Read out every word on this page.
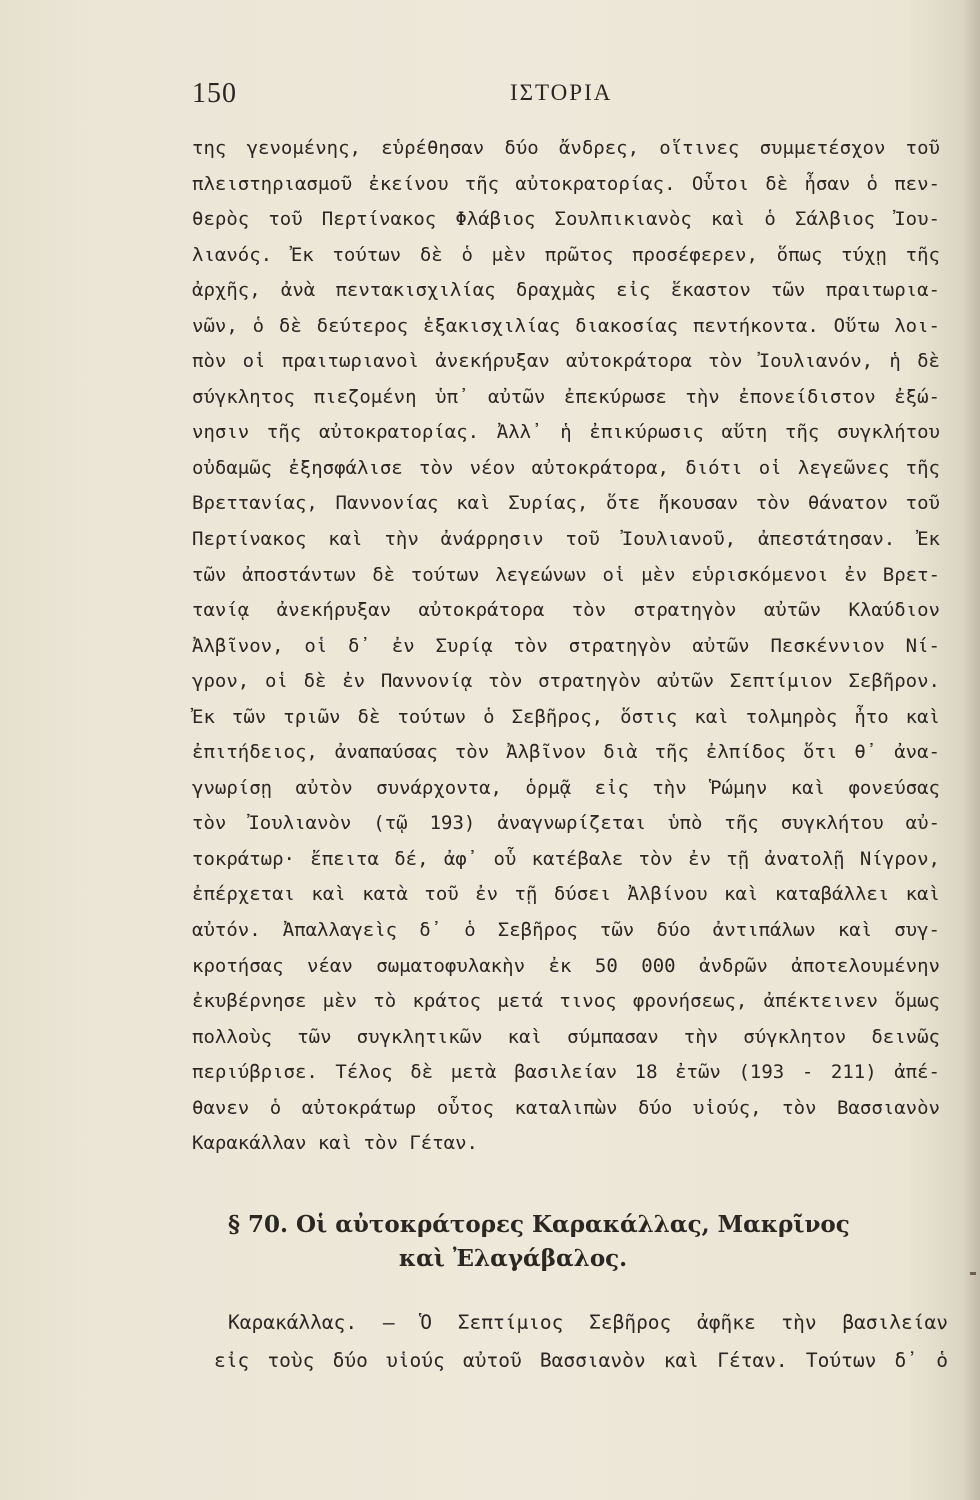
150	ΙΣΤΟΡΙΑ
της γενομένης, εὑρέθησαν δύο ἄνδρες, οἵτινες συμμετέσχον τοῦ
πλειστηριασμοῦ ἐκείνου τῆς αὐτοκρατορίας. Οὗτοι δὲ ἦσαν ὁ πεν-
θερὸς τοῦ Περτίνακος Φλάβιος Σουλπικιανὸς καὶ ὁ Σάλβιος Ἰου-
λιανός. Ἐκ τούτων δὲ ὁ μὲν πρῶτος προσέφερεν, ὅπως τύχῃ τῆς
ἀρχῆς, ἀνὰ πεντακισχιλίας δραχμὰς εἰς ἕκαστον τῶν πραιτωρια-
νῶν, ὁ δὲ δεύτερος ἑξακισχιλίας διακοσίας πεντήκοντα. Οὕτω λοι-
πὸν οἱ πραιτωριανοὶ ἀνεκήρυξαν αὐτοκράτορα τὸν Ἰουλιανόν, ἡ δὲ
σύγκλητος πιεζομένη ὑπ᾽ αὐτῶν ἐπεκύρωσε τὴν ἐπονείδιστον ἐξώ-
νησιν τῆς αὐτοκρατορίας. Ἀλλ᾽ ἡ ἐπικύρωσις αὕτη τῆς συγκλήτου
οὐδαμῶς ἐξησφάλισε τὸν νέον αὐτοκράτορα, διότι οἱ λεγεῶνες τῆς
Βρεττανίας, Παννονίας καὶ Συρίας, ὅτε ἤκουσαν τὸν θάνατον τοῦ
Περτίνακος καὶ τὴν ἀνάρρησιν τοῦ Ἰουλιανοῦ, ἀπεστάτησαν. Ἐκ
τῶν ἀποστάντων δὲ τούτων λεγεώνων οἱ μὲν εὑρισκόμενοι ἐν Βρετ-
τανίᾳ ἀνεκήρυξαν αὐτοκράτορα τὸν στρατηγὸν αὐτῶν Κλαύδιον
Ἀλβῖνον, οἱ δ᾽ ἐν Συρίᾳ τὸν στρατηγὸν αὐτῶν Πεσκέννιον Νί-
γρον, οἱ δὲ ἐν Παννονίᾳ τὸν στρατηγὸν αὐτῶν Σεπτίμιον Σεβῆρον.
Ἐκ τῶν τριῶν δὲ τούτων ὁ Σεβῆρος, ὅστις καὶ τολμηρὸς ἦτο καὶ
ἐπιτήδειος, ἀναπαύσας τὸν Ἀλβῖνον διὰ τῆς ἐλπίδος ὅτι θ᾽ ἀνα-
γνωρίσῃ αὐτὸν συνάρχοντα, ὁρμᾷ εἰς τὴν Ῥώμην καὶ φονεύσας
τὸν Ἰουλιανὸν (τῷ 193) ἀναγνωρίζεται ὑπὸ τῆς συγκλήτου αὐ-
τοκράτωρ· ἔπειτα δέ, ἀφ᾽ οὗ κατέβαλε τὸν ἐν τῇ ἀνατολῇ Νίγρον,
ἐπέρχεται καὶ κατὰ τοῦ ἐν τῇ δύσει Ἀλβίνου καὶ καταβάλλει καὶ
αὐτόν. Ἀπαλλαγεὶς δ᾽ ὁ Σεβῆρος τῶν δύο ἀντιπάλων καὶ συγ-
κροτήσας νέαν σωματοφυλακὴν ἐκ 50 000 ἀνδρῶν ἀποτελουμένην
ἐκυβέρνησε μὲν τὸ κράτος μετά τινος φρονήσεως, ἀπέκτεινεν ὅμως
πολλοὺς τῶν συγκλητικῶν καὶ σύμπασαν τὴν σύγκλητον δεινῶς
περιύβρισε. Τέλος δὲ μετὰ βασιλείαν 18 ἐτῶν (193 - 211) ἀπέ-
θανεν ὁ αὐτοκράτωρ οὗτος καταλιπὼν δύο υἱούς, τὸν Βασσιανὸν
Καρακάλλαν καὶ τὸν Γέταν.
§ 70. Οἱ αὐτοκράτορες Καρακάλλας, Μακρῖνος
καὶ Ἐλαγάβαλος.
Καρακάλλας. — Ὁ Σεπτίμιος Σεβῆρος ἀφῆκε τὴν βασιλείαν
εἰς τοὺς δύο υἱούς αὐτοῦ Βασσιανὸν καὶ Γέταν. Τούτων δ᾽ ὁ
